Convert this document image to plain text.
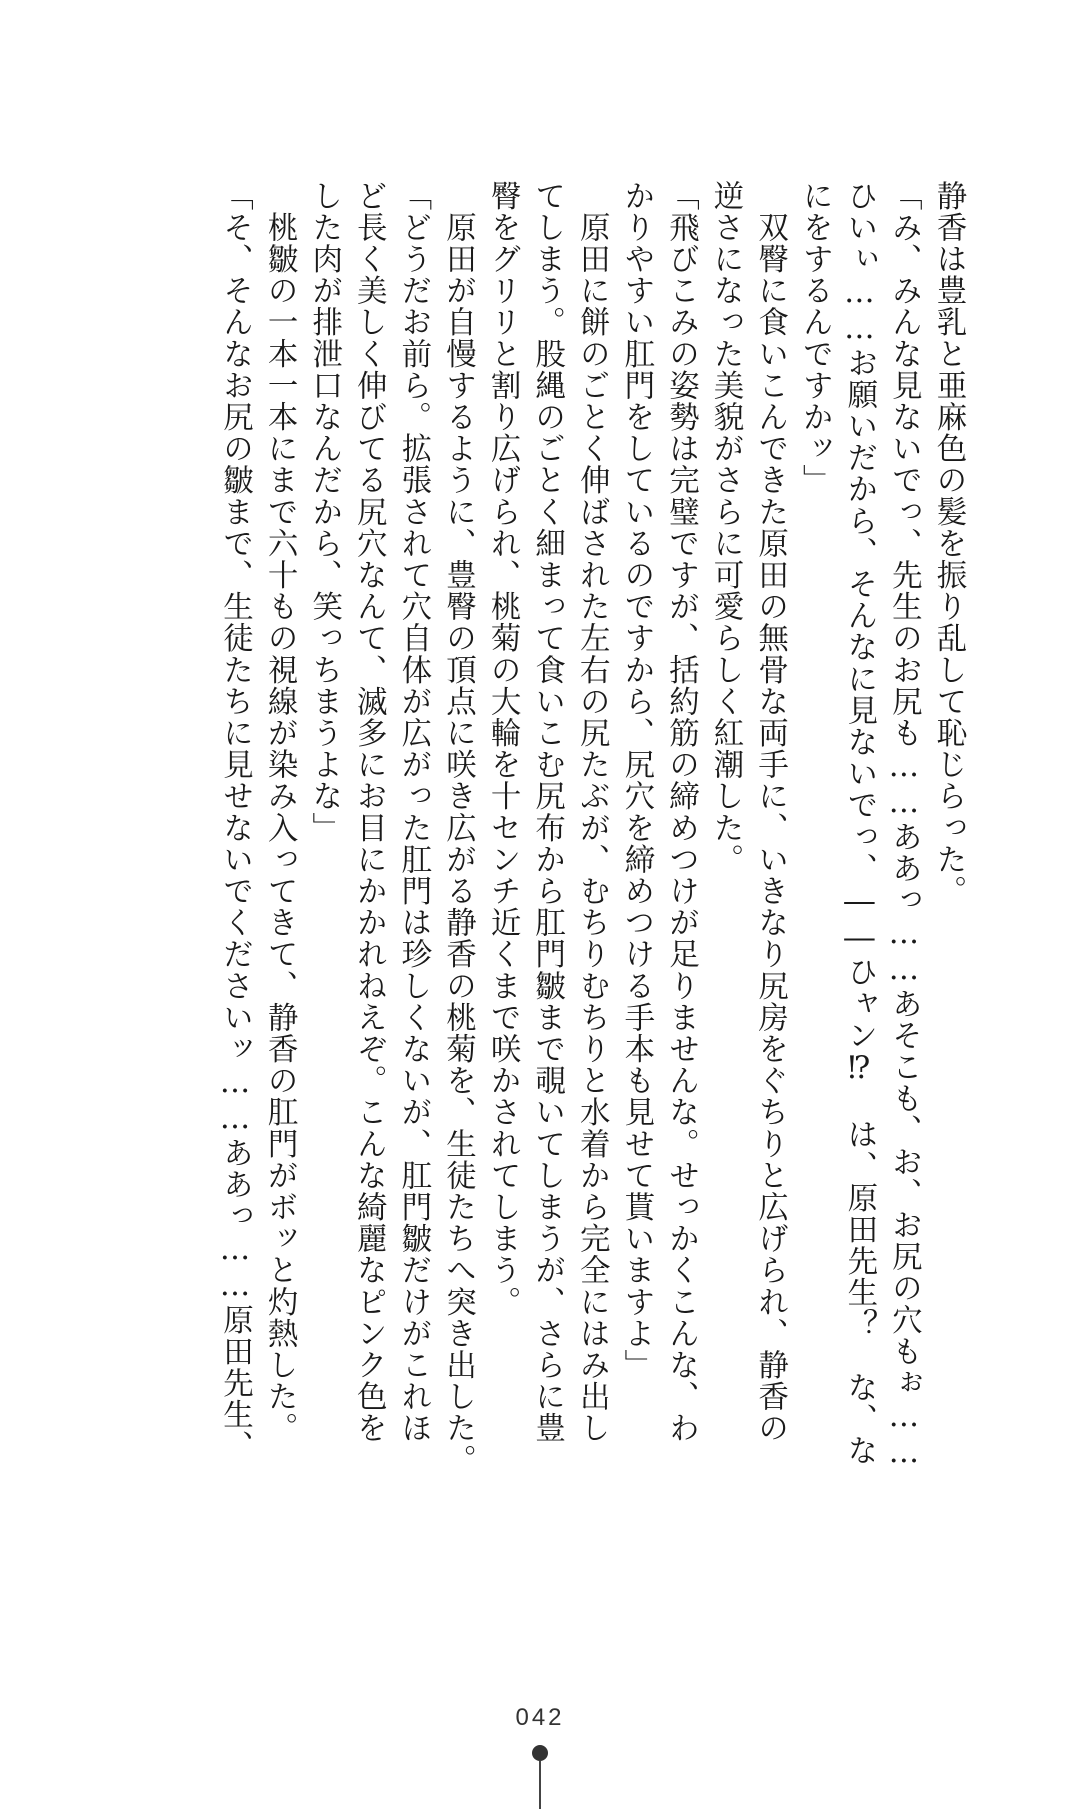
静香は豊乳と亜麻色の髪を振り乱して恥じらった。
「み、みんな見ないでっ、先生のお尻も……ああっ……あそこも、お、お尻の穴もぉ……
ひいぃ……お願いだから、そんなに見ないでっ、――ひャン⁉　は、原田先生？　な、な
にをするんですかッ」
　双臀に食いこんできた原田の無骨な両手に、いきなり尻房をぐちりと広げられ、静香の
逆さになった美貌がさらに可愛らしく紅潮した。
「飛びこみの姿勢は完璧ですが、括約筋の締めつけが足りませんな。せっかくこんな、わ
かりやすい肛門をしているのですから、尻穴を締めつける手本も見せて貰いますよ」
　原田に餅のごとく伸ばされた左右の尻たぶが、むちりむちりと水着から完全にはみ出し
てしまう。股縄のごとく細まって食いこむ尻布から肛門皺まで覗いてしまうが、さらに豊
臀をグリリと割り広げられ、桃菊の大輪を十センチ近くまで咲かされてしまう。
　原田が自慢するように、豊臀の頂点に咲き広がる静香の桃菊を、生徒たちへ突き出した。
「どうだお前ら。拡張されて穴自体が広がった肛門は珍しくないが、肛門皺だけがこれほ
ど長く美しく伸びてる尻穴なんて、滅多にお目にかかれねえぞ。こんな綺麗なピンク色を
した肉が排泄口なんだから、笑っちまうよな」
　桃皺の一本一本にまで六十もの視線が染み入ってきて、静香の肛門がボッと灼熱した。
「そ、そんなお尻の皺まで、生徒たちに見せないでくださいッ……ああっ……原田先生、
042
